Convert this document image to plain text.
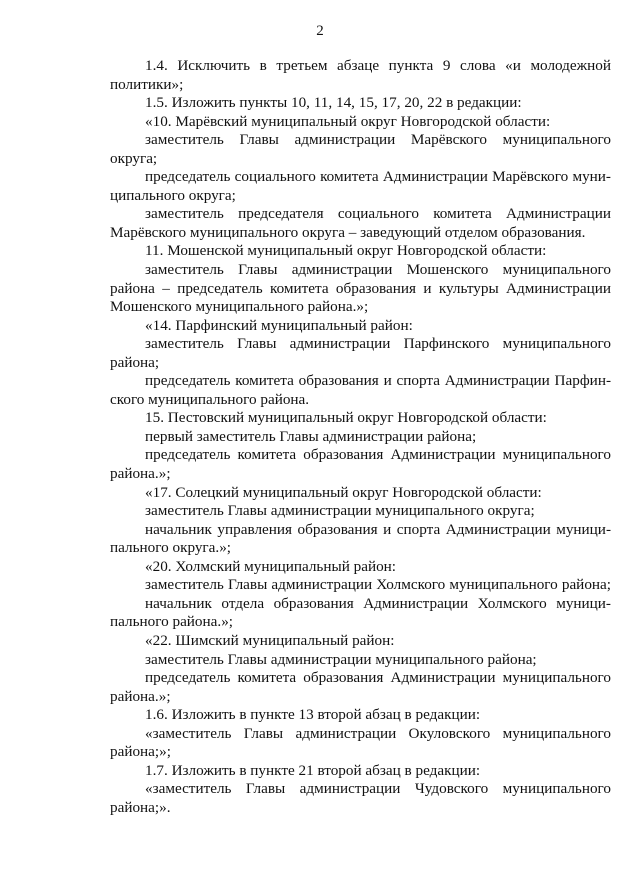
2

1.4. Исключить в третьем абзаце пункта 9 слова «и молодежной

политики»;

1.5. Изложить пункты 10, 11, 14, 15, 17, 20, 22 в редакции:

«10. Марёвский муниципальный округ Новгородской области:

заместитель Главы администрации Марёвского муниципального

округа;

председатель социального комитета Администрации Марёвского муни-

ципального округа;

заместитель председателя социального комитета Администрации

Марёвского муниципального округа – заведующий отделом образования.

11. Мошенской муниципальный округ Новгородской области:

заместитель Главы администрации Мошенского муниципального

района – председатель комитета образования и культуры Администрации

Мошенского муниципального района.»;

«14. Парфинский муниципальный район:

заместитель Главы администрации Парфинского муниципального района;

председатель комитета образования и спорта Администрации Парфин-

ского муниципального района.

15. Пестовский муниципальный округ Новгородской области:

первый заместитель Главы администрации района;

председатель комитета образования Администрации муниципального

района.»;

«17. Солецкий муниципальный округ Новгородской области:

заместитель Главы администрации муниципального округа;

начальник управления образования и спорта Администрации муници-

пального округа.»;

«20. Холмский муниципальный район:

заместитель Главы администрации Холмского муниципального района;

начальник отдела образования Администрации Холмского муници-

пального района.»;

«22. Шимский муниципальный район:

заместитель Главы администрации муниципального района;

председатель комитета образования Администрации муниципального

района.»;

1.6. Изложить в пункте 13 второй абзац в редакции:

«заместитель Главы администрации Окуловского муниципального

района;»;

1.7. Изложить в пункте 21 второй абзац в редакции:

«заместитель Главы администрации Чудовского муниципального

района;».
